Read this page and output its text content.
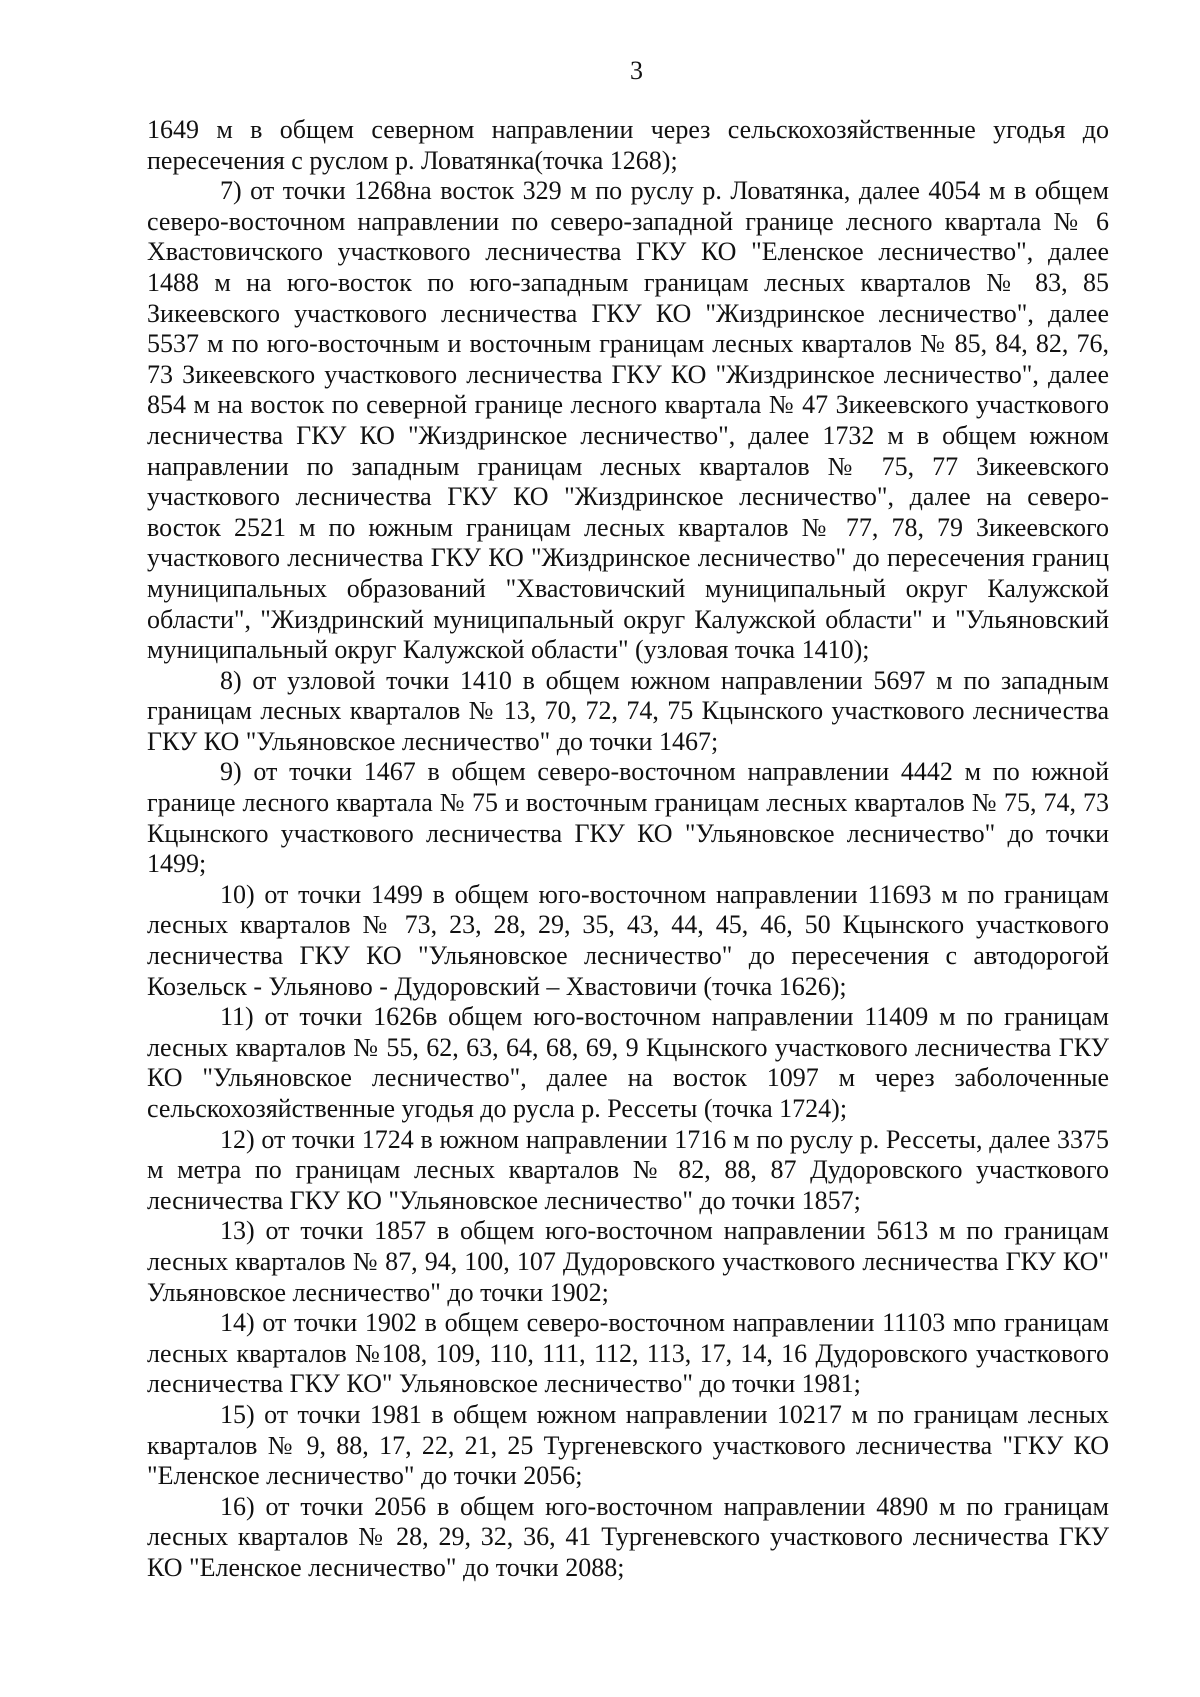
3

1649 м в общем северном направлении через сельскохозяйственные угодья до пересечения с руслом р. Ловатянка(точка 1268);

7) от точки 1268на восток 329 м по руслу р. Ловатянка, далее 4054 м в общем северо-восточном направлении по северо-западной границе лесного квартала № 6 Хвастовичского участкового лесничества ГКУ КО "Еленское лесничество", далее 1488 м на юго-восток по юго-западным границам лесных кварталов № 83, 85 Зикеевского участкового лесничества ГКУ КО "Жиздринское лесничество", далее 5537 м по юго-восточным и восточным границам лесных кварталов № 85, 84, 82, 76, 73 Зикеевского участкового лесничества ГКУ КО "Жиздринское лесничество", далее 854 м на восток по северной границе лесного квартала № 47 Зикеевского участкового лесничества ГКУ КО "Жиздринское лесничество", далее 1732 м в общем южном направлении по западным границам лесных кварталов № 75, 77 Зикеевского участкового лесничества ГКУ КО "Жиздринское лесничество", далее на северо-восток 2521 м по южным границам лесных кварталов № 77, 78, 79 Зикеевского участкового лесничества ГКУ КО "Жиздринское лесничество" до пересечения границ муниципальных образований "Хвастовичский муниципальный округ Калужской области", "Жиздринский муниципальный округ Калужской области" и "Ульяновский муниципальный округ Калужской области" (узловая точка 1410);

8) от узловой точки 1410 в общем южном направлении 5697 м по западным границам лесных кварталов № 13, 70, 72, 74, 75 Кцынского участкового лесничества ГКУ КО "Ульяновское лесничество" до точки 1467;

9) от точки 1467 в общем северо-восточном направлении 4442 м по южной границе лесного квартала № 75 и восточным границам лесных кварталов № 75, 74, 73 Кцынского участкового лесничества ГКУ КО "Ульяновское лесничество" до точки 1499;

10) от точки 1499 в общем юго-восточном направлении 11693 м по границам лесных кварталов № 73, 23, 28, 29, 35, 43, 44, 45, 46, 50 Кцынского участкового лесничества ГКУ КО "Ульяновское лесничество" до пересечения с автодорогой Козельск - Ульяново - Дудоровский – Хвастовичи (точка 1626);

11) от точки 1626в общем юго-восточном направлении 11409 м по границам лесных кварталов № 55, 62, 63, 64, 68, 69, 9 Кцынского участкового лесничества ГКУ КО "Ульяновское лесничество", далее на восток 1097 м через заболоченные сельскохозяйственные угодья до русла р. Рессеты (точка 1724);

12) от точки 1724 в южном направлении 1716 м по руслу р. Рессеты, далее 3375 м метра по границам лесных кварталов № 82, 88, 87 Дудоровского участкового лесничества ГКУ КО "Ульяновское лесничество" до точки 1857;

13) от точки 1857 в общем юго-восточном направлении 5613 м по границам лесных кварталов № 87, 94, 100, 107 Дудоровского участкового лесничества ГКУ КО" Ульяновское лесничество" до точки 1902;

14) от точки 1902 в общем северо-восточном направлении 11103 мпо границам лесных кварталов №108, 109, 110, 111, 112, 113, 17, 14, 16 Дудоровского участкового лесничества ГКУ КО" Ульяновское лесничество" до точки 1981;

15) от точки 1981 в общем южном направлении 10217 м по границам лесных кварталов № 9, 88, 17, 22, 21, 25 Тургеневского участкового лесничества "ГКУ КО "Еленское лесничество" до точки 2056;

16) от точки 2056 в общем юго-восточном направлении 4890 м по границам лесных кварталов № 28, 29, 32, 36, 41 Тургеневского участкового лесничества ГКУ КО "Еленское лесничество" до точки 2088;
